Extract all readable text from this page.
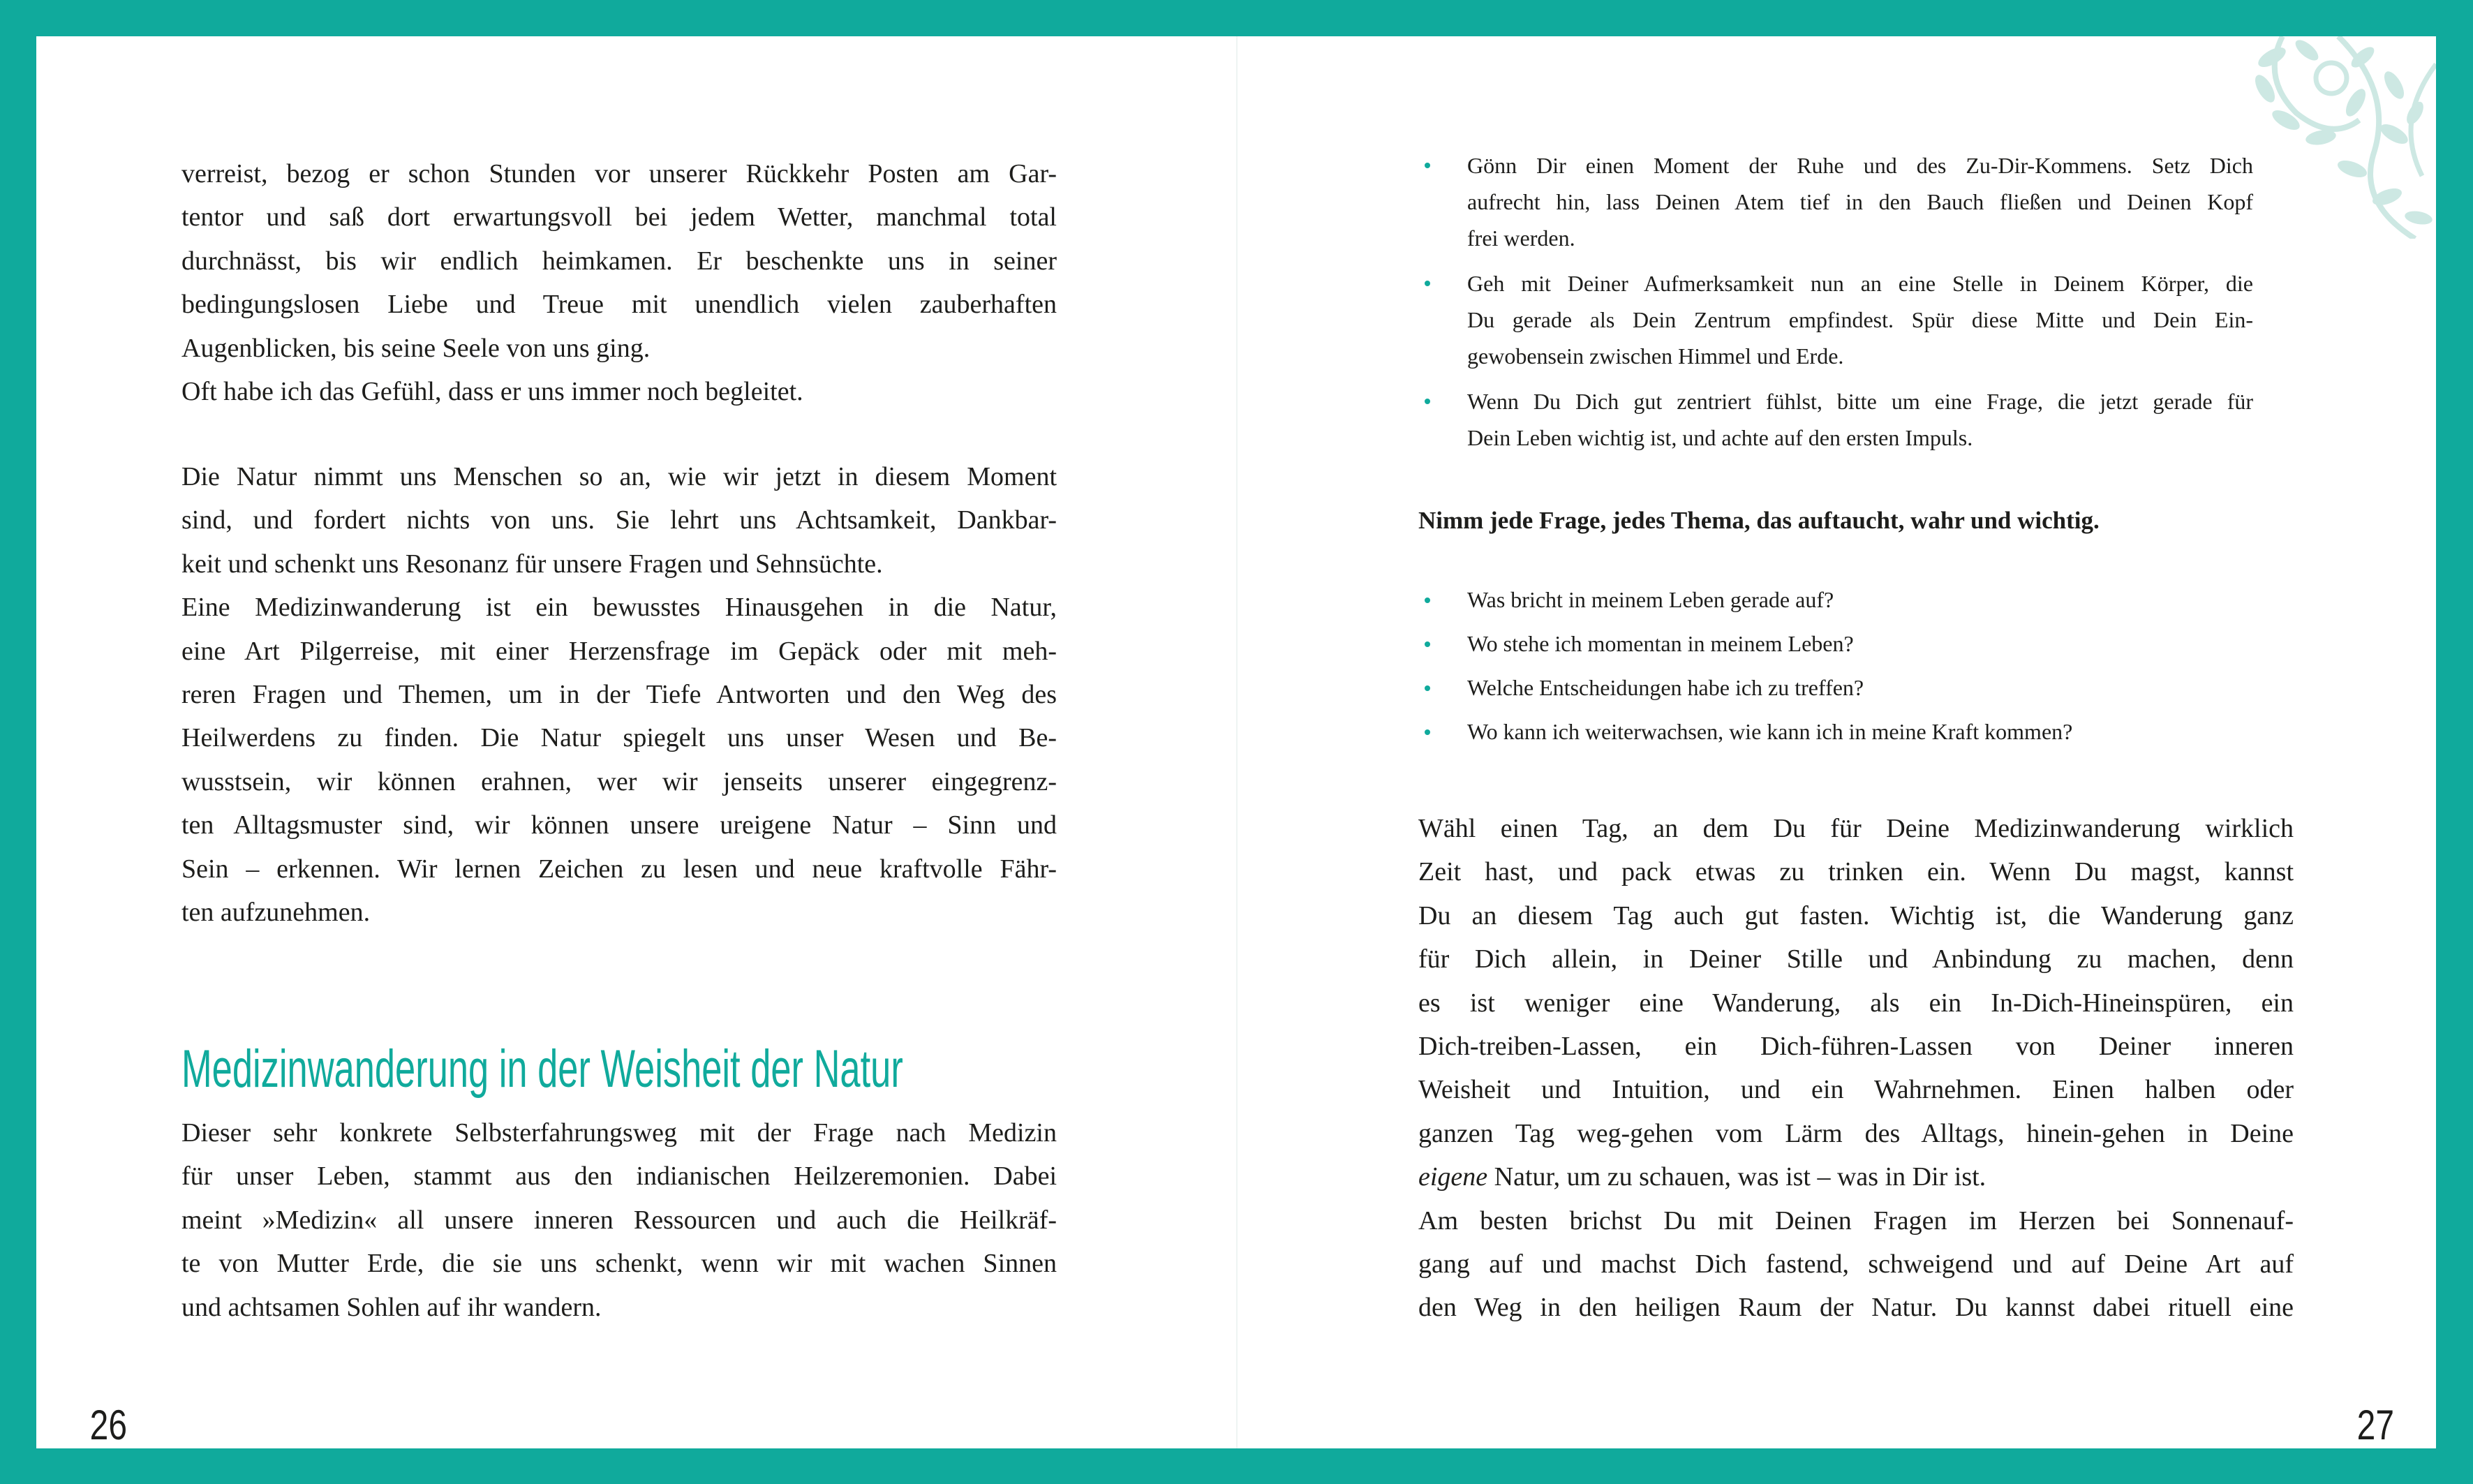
verreist, bezog er schon Stunden vor unserer Rückkehr Posten am Gar-
tentor und saß dort erwartungsvoll bei jedem Wetter, manchmal total
durchnässt, bis wir endlich heimkamen. Er beschenkte uns in seiner
bedingungslosen Liebe und Treue mit unendlich vielen zauberhaften
Augenblicken, bis seine Seele von uns ging.
Oft habe ich das Gefühl, dass er uns immer noch begleitet.
Die Natur nimmt uns Menschen so an, wie wir jetzt in diesem Moment
sind, und fordert nichts von uns. Sie lehrt uns Achtsamkeit, Dankbar-
keit und schenkt uns Resonanz für unsere Fragen und Sehnsüchte.
Eine Medizinwanderung ist ein bewusstes Hinausgehen in die Natur,
eine Art Pilgerreise, mit einer Herzensfrage im Gepäck oder mit meh-
reren Fragen und Themen, um in der Tiefe Antworten und den Weg des
Heilwerdens zu finden. Die Natur spiegelt uns unser Wesen und Be-
wusstsein, wir können erahnen, wer wir jenseits unserer eingegrenz-
ten Alltagsmuster sind, wir können unsere ureigene Natur – Sinn und
Sein – erkennen. Wir lernen Zeichen zu lesen und neue kraftvolle Fähr-
ten aufzunehmen.
Medizinwanderung in der Weisheit der Natur
Dieser sehr konkrete Selbsterfahrungsweg mit der Frage nach Medizin
für unser Leben, stammt aus den indianischen Heilzeremonien. Dabei
meint »Medizin« all unsere inneren Ressourcen und auch die Heilkräf-
te von Mutter Erde, die sie uns schenkt, wenn wir mit wachen Sinnen
und achtsamen Sohlen auf ihr wandern.
26
Gönn Dir einen Moment der Ruhe und des Zu-Dir-Kommens. Setz Dich
aufrecht hin, lass Deinen Atem tief in den Bauch fließen und Deinen Kopf
frei werden.
Geh mit Deiner Aufmerksamkeit nun an eine Stelle in Deinem Körper, die
Du gerade als Dein Zentrum empfindest. Spür diese Mitte und Dein Ein-
gewobensein zwischen Himmel und Erde.
Wenn Du Dich gut zentriert fühlst, bitte um eine Frage, die jetzt gerade für
Dein Leben wichtig ist, und achte auf den ersten Impuls.
Nimm jede Frage, jedes Thema, das auftaucht, wahr und wichtig.
Was bricht in meinem Leben gerade auf?
Wo stehe ich momentan in meinem Leben?
Welche Entscheidungen habe ich zu treffen?
Wo kann ich weiterwachsen, wie kann ich in meine Kraft kommen?
Wähl einen Tag, an dem Du für Deine Medizinwanderung wirklich
Zeit hast, und pack etwas zu trinken ein. Wenn Du magst, kannst
Du an diesem Tag auch gut fasten. Wichtig ist, die Wanderung ganz
für Dich allein, in Deiner Stille und Anbindung zu machen, denn
es ist weniger eine Wanderung, als ein In-Dich-Hineinspüren, ein
Dich-treiben-Lassen, ein Dich-führen-Lassen von Deiner inneren
Weisheit und Intuition, und ein Wahrnehmen. Einen halben oder
ganzen Tag weg-gehen vom Lärm des Alltags, hinein-gehen in Deine
eigene Natur, um zu schauen, was ist – was in Dir ist.
Am besten brichst Du mit Deinen Fragen im Herzen bei Sonnenauf-
gang auf und machst Dich fastend, schweigend und auf Deine Art auf
den Weg in den heiligen Raum der Natur. Du kannst dabei rituell eine
27
